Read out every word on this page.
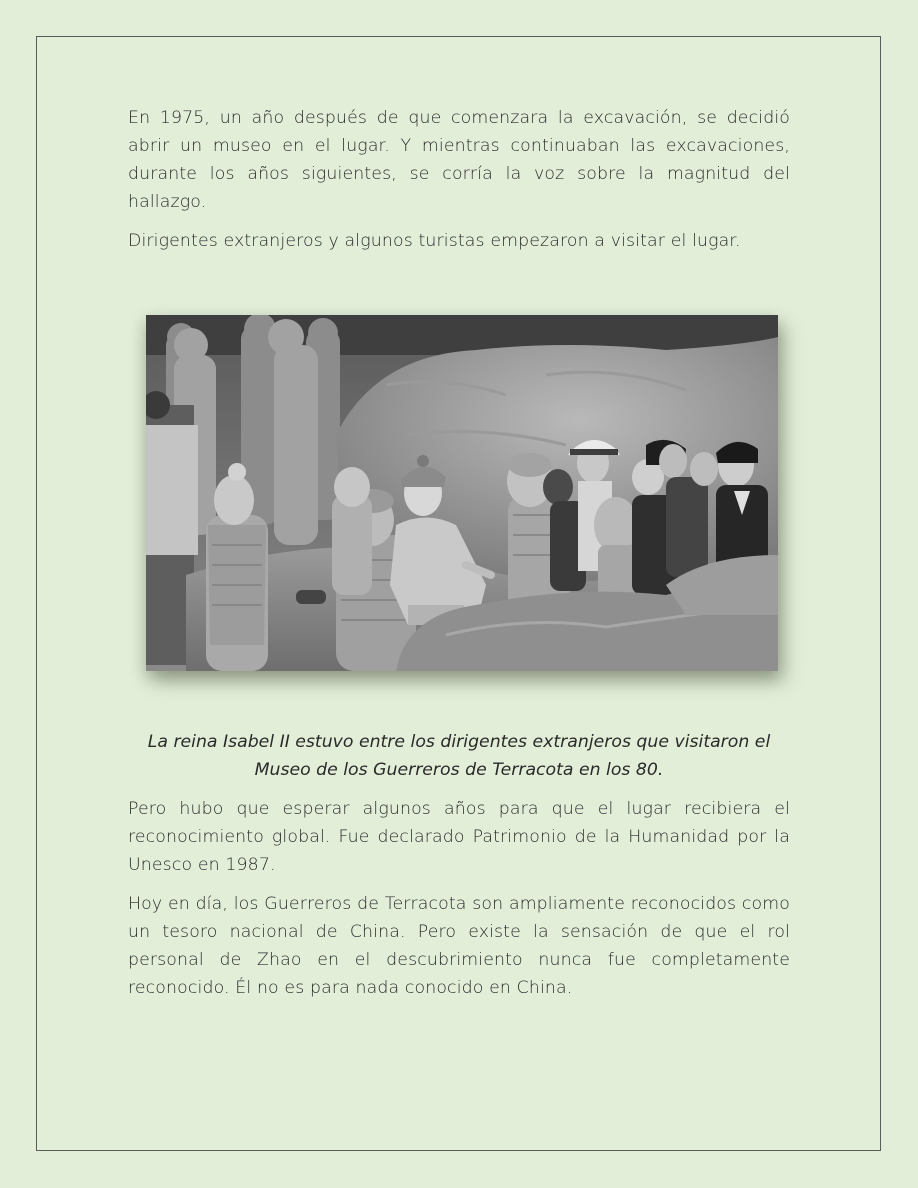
En 1975, un año después de que comenzara la excavación, se decidió abrir un museo en el lugar. Y mientras continuaban las excavaciones, durante los años siguientes, se corría la voz sobre la magnitud del hallazgo.

Dirigentes extranjeros y algunos turistas empezaron a visitar el lugar.

La reina Isabel II estuvo entre los dirigentes extranjeros que visitaron el Museo de los Guerreros de Terracota en los 80.

Pero hubo que esperar algunos años para que el lugar recibiera el reconocimiento global. Fue declarado Patrimonio de la Humanidad por la Unesco en 1987.

Hoy en día, los Guerreros de Terracota son ampliamente reconocidos como un tesoro nacional de China. Pero existe la sensación de que el rol personal de Zhao en el descubrimiento nunca fue completamente reconocido. Él no es para nada conocido en China.
